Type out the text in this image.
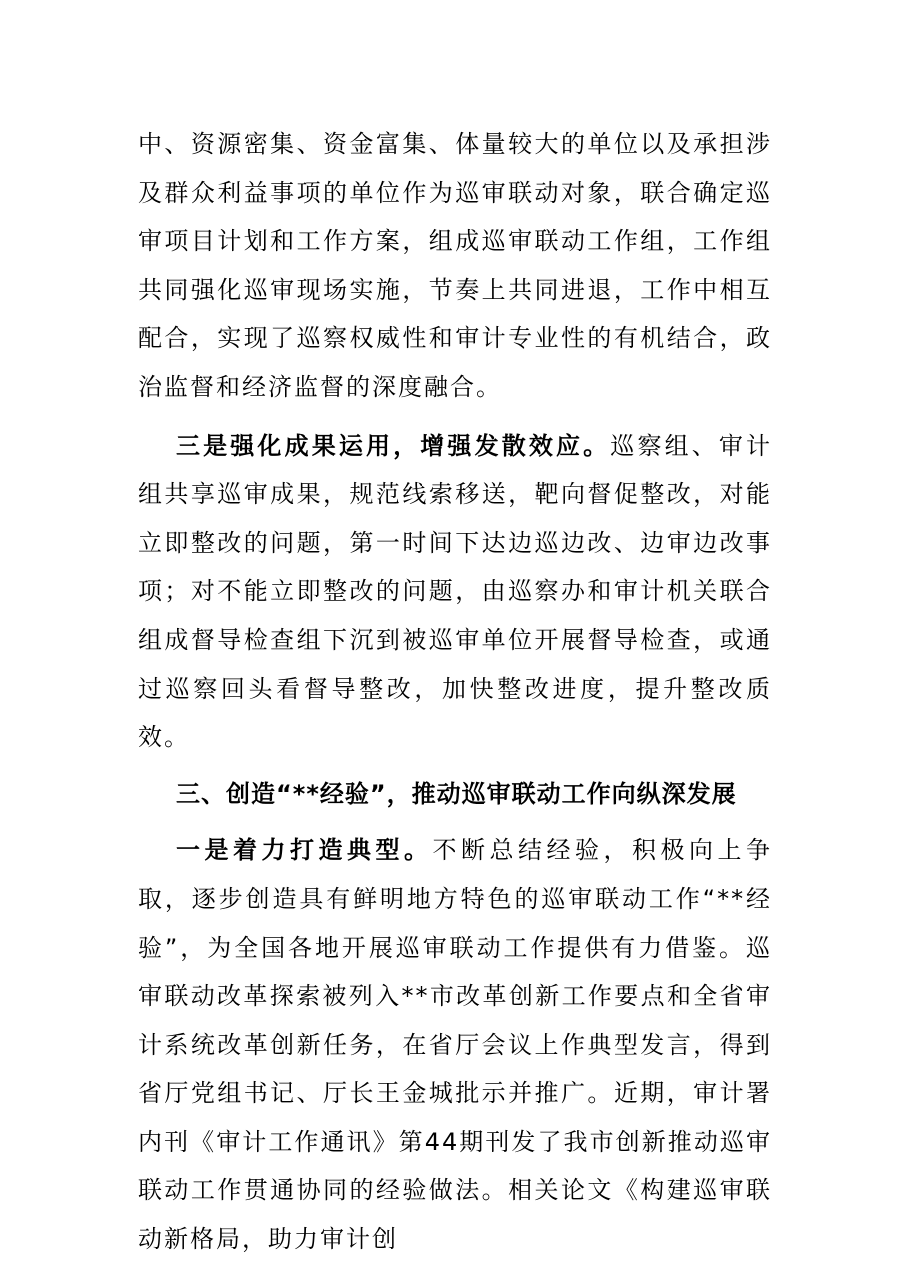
中、资源密集、资金富集、体量较大的单位以及承担涉及群众利益事项的单位作为巡审联动对象，联合确定巡审项目计划和工作方案，组成巡审联动工作组，工作组共同强化巡审现场实施，节奏上共同进退，工作中相互配合，实现了巡察权威性和审计专业性的有机结合，政治监督和经济监督的深度融合。

三是强化成果运用，增强发散效应。巡察组、审计组共享巡审成果，规范线索移送，靶向督促整改，对能立即整改的问题，第一时间下达边巡边改、边审边改事项；对不能立即整改的问题，由巡察办和审计机关联合组成督导检查组下沉到被巡审单位开展督导检查，或通过巡察回头看督导整改，加快整改进度，提升整改质效。

三、创造“**经验”，推动巡审联动工作向纵深发展

一是着力打造典型。不断总结经验，积极向上争取，逐步创造具有鲜明地方特色的巡审联动工作“**经验”，为全国各地开展巡审联动工作提供有力借鉴。巡审联动改革探索被列入**市改革创新工作要点和全省审计系统改革创新任务，在省厅会议上作典型发言，得到省厅党组书记、厅长王金城批示并推广。近期，审计署内刊《审计工作通讯》第44期刊发了我市创新推动巡审联动工作贯通协同的经验做法。相关论文《构建巡审联动新格局，助力审计创
